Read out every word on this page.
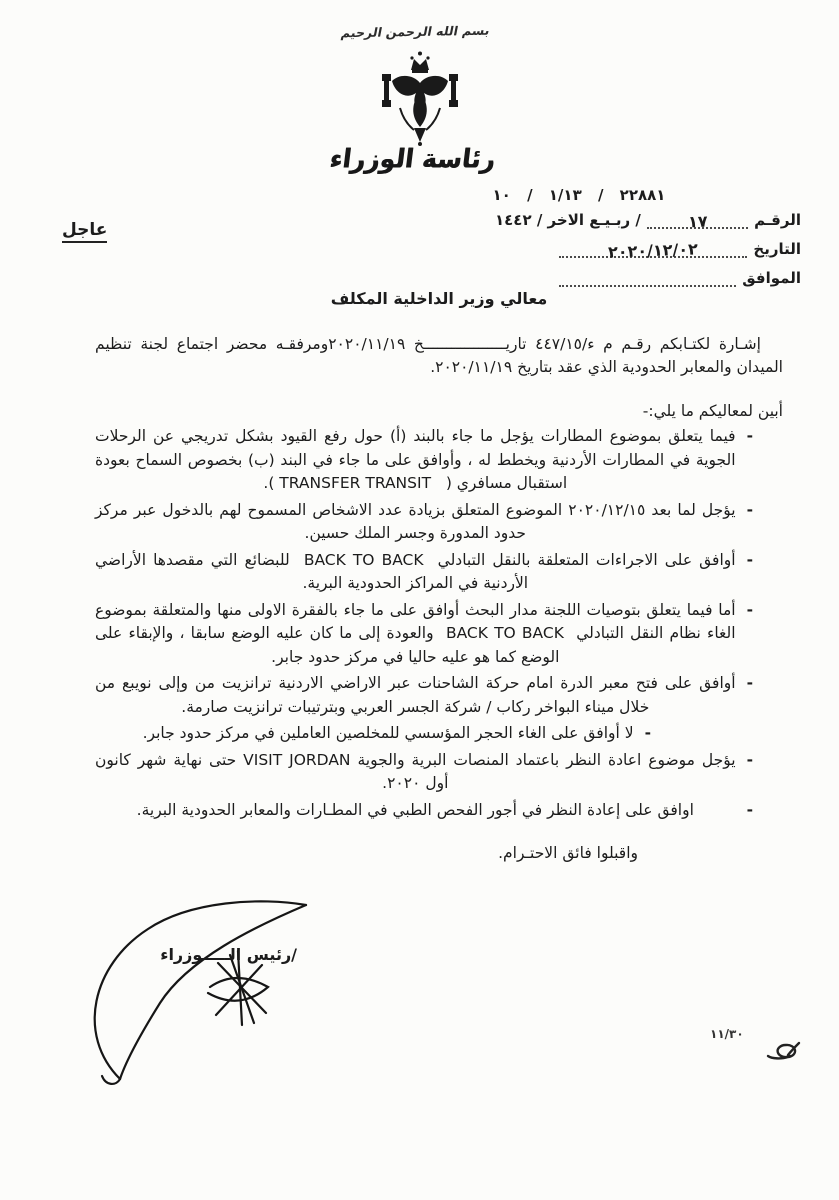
بسم الله الرحمن الرحيم
رئاسة الوزراء
٢٢٨٨١ / ١/١٣ / ١٠
الرقـم
١٧
/ ربـيـع الاخر / ١٤٤٢
التاريخ
٢٠٢٠/١٢/٠٢
الموافق
عاجل

معالي وزير الداخلية المكلف

إشـارة لكتـابكم رقـم م ء/٤٤٧/١٥ تاريــــــــــــــــــخ ٢٠٢٠/١١/١٩ومرفقـه محضر اجتماع لجنة تنظيم الميدان والمعابر الحدودية الذي عقد بتاريخ ٢٠٢٠/١١/١٩.

أبين لمعاليكم ما يلي:-

-
فيما يتعلق بموضوع المطارات يؤجل ما جاء بالبند (أ) حول رفع القيود بشكل تدريجي عن الرحلات الجوية في المطارات الأردنية ويخطط له ، وأوافق على ما جاء في البند (ب) بخصوص السماح بعودة استقبال مسافري (   TRANSFER TRANSIT ).
-
يؤجل لما بعد ٢٠٢٠/١٢/١٥ الموضوع المتعلق بزيادة عدد الاشخاص المسموح لهم بالدخول عبر مركز حدود المدورة وجسر الملك حسين.
-
أوافق على الاجراءات المتعلقة بالنقل التبادلي  BACK TO BACK  للبضائع التي مقصدها الأراضي الأردنية في المراكز الحدودية البرية.
-
أما فيما يتعلق بتوصيات اللجنة مدار البحث أوافق على ما جاء بالفقرة الاولى منها والمتعلقة بموضوع الغاء نظام النقل التبادلي  BACK TO BACK  والعودة إلى ما كان عليه الوضع سابقا ، والإبقاء على الوضع كما هو عليه حاليا في مركز حدود جابر.
-
أوافق على فتح معبر الدرة امام حركة الشاحنات عبر الاراضي الاردنية ترانزيت من وإلى نويبع من خلال ميناء البواخر ركاب / شركة الجسر العربي وبترتيبات ترانزيت صارمة.
-
لا أوافق على الغاء الحجر المؤسسي للمخلصين العاملين في مركز حدود جابر.
-
يؤجل موضوع اعادة النظر باعتماد المنصات البرية والجوية VISIT JORDAN حتى نهاية شهر كانون أول ٢٠٢٠.
-
اوافق على إعادة النظر في أجور الفحص الطبي في المطـارات والمعابر الحدودية البرية.

واقبلوا فائق الاحتـرام.

/رئيس الـــــوزراء
١١/٣٠
